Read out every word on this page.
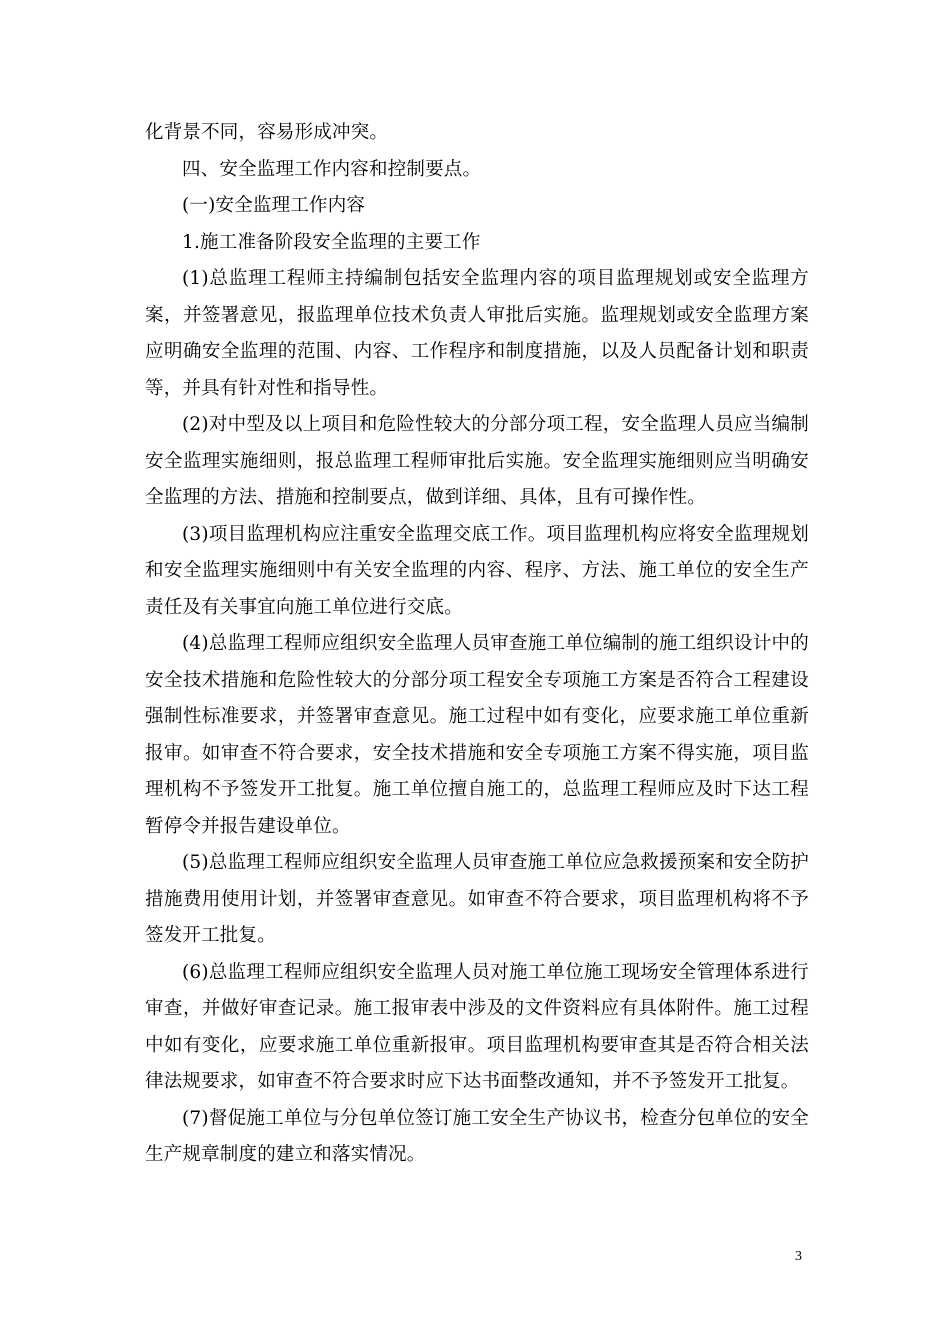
化背景不同，容易形成冲突。

四、安全监理工作内容和控制要点。

(一)安全监理工作内容

1.施工准备阶段安全监理的主要工作

(1)总监理工程师主持编制包括安全监理内容的项目监理规划或安全监理方案，并签署意见，报监理单位技术负责人审批后实施。监理规划或安全监理方案应明确安全监理的范围、内容、工作程序和制度措施，以及人员配备计划和职责等，并具有针对性和指导性。

(2)对中型及以上项目和危险性较大的分部分项工程，安全监理人员应当编制安全监理实施细则，报总监理工程师审批后实施。安全监理实施细则应当明确安全监理的方法、措施和控制要点，做到详细、具体，且有可操作性。

(3)项目监理机构应注重安全监理交底工作。项目监理机构应将安全监理规划和安全监理实施细则中有关安全监理的内容、程序、方法、施工单位的安全生产责任及有关事宜向施工单位进行交底。

(4)总监理工程师应组织安全监理人员审查施工单位编制的施工组织设计中的安全技术措施和危险性较大的分部分项工程安全专项施工方案是否符合工程建设强制性标准要求，并签署审查意见。施工过程中如有变化，应要求施工单位重新报审。如审查不符合要求，安全技术措施和安全专项施工方案不得实施，项目监理机构不予签发开工批复。施工单位擅自施工的，总监理工程师应及时下达工程暂停令并报告建设单位。

(5)总监理工程师应组织安全监理人员审查施工单位应急救援预案和安全防护措施费用使用计划，并签署审查意见。如审查不符合要求，项目监理机构将不予签发开工批复。

(6)总监理工程师应组织安全监理人员对施工单位施工现场安全管理体系进行审查，并做好审查记录。施工报审表中涉及的文件资料应有具体附件。施工过程中如有变化，应要求施工单位重新报审。项目监理机构要审查其是否符合相关法律法规要求，如审查不符合要求时应下达书面整改通知，并不予签发开工批复。

(7)督促施工单位与分包单位签订施工安全生产协议书，检查分包单位的安全生产规章制度的建立和落实情况。

3
